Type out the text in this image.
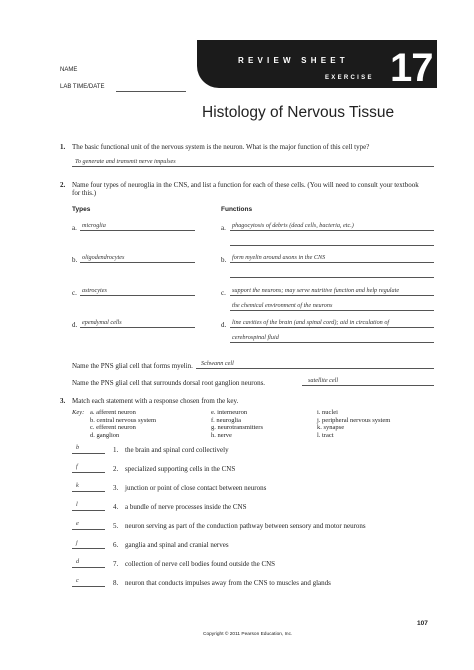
REVIEW SHEET
EXERCISE 17
NAME
LAB TIME/DATE
Histology of Nervous Tissue
1. The basic functional unit of the nervous system is the neuron. What is the major function of this cell type?
To generate and transmit nerve impulses
2. Name four types of neuroglia in the CNS, and list a function for each of these cells. (You will need to consult your textbook
for this.)
Types	Functions
a. microglia	a. phagocytosis of debris (dead cells, bacteria, etc.)
b. oligodendrocytes	b. form myelin around axons in the CNS
c. astrocytes	c. support the neurons; may serve nutritive function and help regulate
the chemical environment of the neurons
d. ependymal cells	d. line cavities of the brain (and spinal cord); aid in circulation of
cerebrospinal fluid
Name the PNS glial cell that forms myelin. Schwann cell
Name the PNS glial cell that surrounds dorsal root ganglion neurons.	satellite cell
3. Match each statement with a response chosen from the key.
Key: a. afferent neuron
b. central nervous system
c. efferent neuron
d. ganglion
e. interneuron
f. neuroglia
g. neurotransmitters
h. nerve
i. nuclei
j. peripheral nervous system
k. synapse
l. tract
b	1. the brain and spinal cord collectively
f	2. specialized supporting cells in the CNS
k	3. junction or point of close contact between neurons
l	4. a bundle of nerve processes inside the CNS
e	5. neuron serving as part of the conduction pathway between sensory and motor neurons
j	6. ganglia and spinal and cranial nerves
d	7. collection of nerve cell bodies found outside the CNS
c	8. neuron that conducts impulses away from the CNS to muscles and glands
107
Copyright © 2011 Pearson Education, Inc.
